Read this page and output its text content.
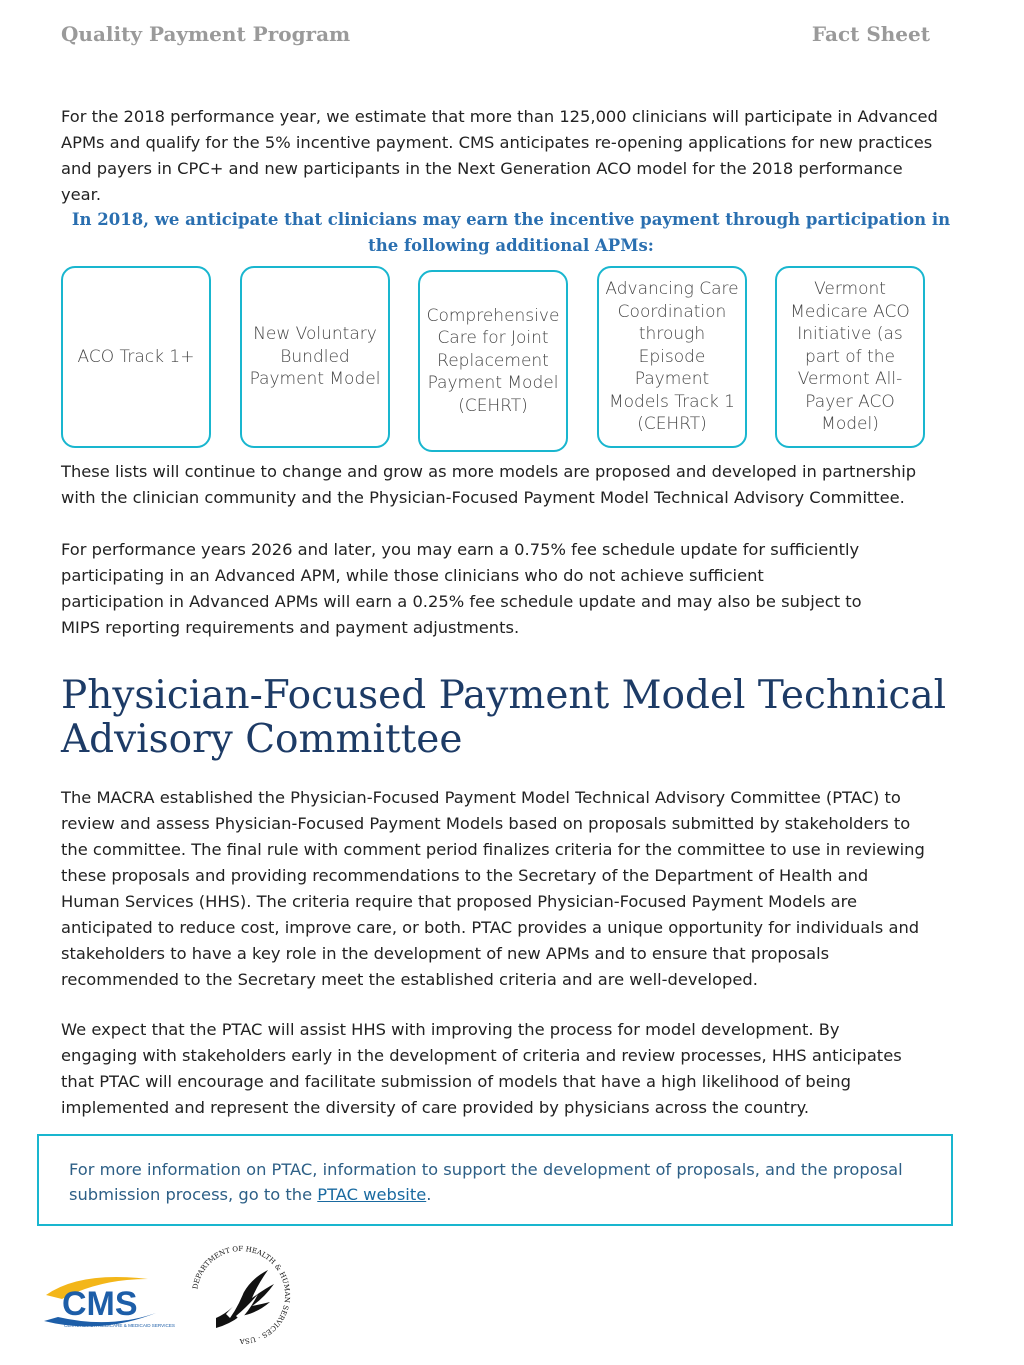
Quality Payment Program	Fact Sheet

For the 2018 performance year, we estimate that more than 125,000 clinicians will participate in Advanced APMs and qualify for the 5% incentive payment. CMS anticipates re-opening applications for new practices and payers in CPC+ and new participants in the Next Generation ACO model for the 2018 performance year.

In 2018, we anticipate that clinicians may earn the incentive payment through participation in the following additional APMs:
ACO Track 1+
New Voluntary Bundled Payment Model
Comprehensive Care for Joint Replacement Payment Model (CEHRT)
Advancing Care Coordination through Episode Payment Models Track 1 (CEHRT)
Vermont Medicare ACO Initiative (as part of the Vermont All-Payer ACO Model)

These lists will continue to change and grow as more models are proposed and developed in partnership with the clinician community and the Physician-Focused Payment Model Technical Advisory Committee.

For performance years 2026 and later, you may earn a 0.75% fee schedule update for sufficiently participating in an Advanced APM, while those clinicians who do not achieve sufficient participation in Advanced APMs will earn a 0.25% fee schedule update and may also be subject to MIPS reporting requirements and payment adjustments.

Physician-Focused Payment Model Technical Advisory Committee

The MACRA established the Physician-Focused Payment Model Technical Advisory Committee (PTAC) to review and assess Physician-Focused Payment Models based on proposals submitted by stakeholders to the committee. The final rule with comment period finalizes criteria for the committee to use in reviewing these proposals and providing recommendations to the Secretary of the Department of Health and Human Services (HHS). The criteria require that proposed Physician-Focused Payment Models are anticipated to reduce cost, improve care, or both. PTAC provides a unique opportunity for individuals and stakeholders to have a key role in the development of new APMs and to ensure that proposals recommended to the Secretary meet the established criteria and are well-developed.

We expect that the PTAC will assist HHS with improving the process for model development. By engaging with stakeholders early in the development of criteria and review processes, HHS anticipates that PTAC will encourage and facilitate submission of models that have a high likelihood of being implemented and represent the diversity of care provided by physicians across the country.

For more information on PTAC, information to support the development of proposals, and the proposal submission process, go to the PTAC website.
CMS
CENTERS FOR MEDICARE & MEDICAID SERVICES
DEPARTMENT OF HEALTH & HUMAN SERVICES · USA
